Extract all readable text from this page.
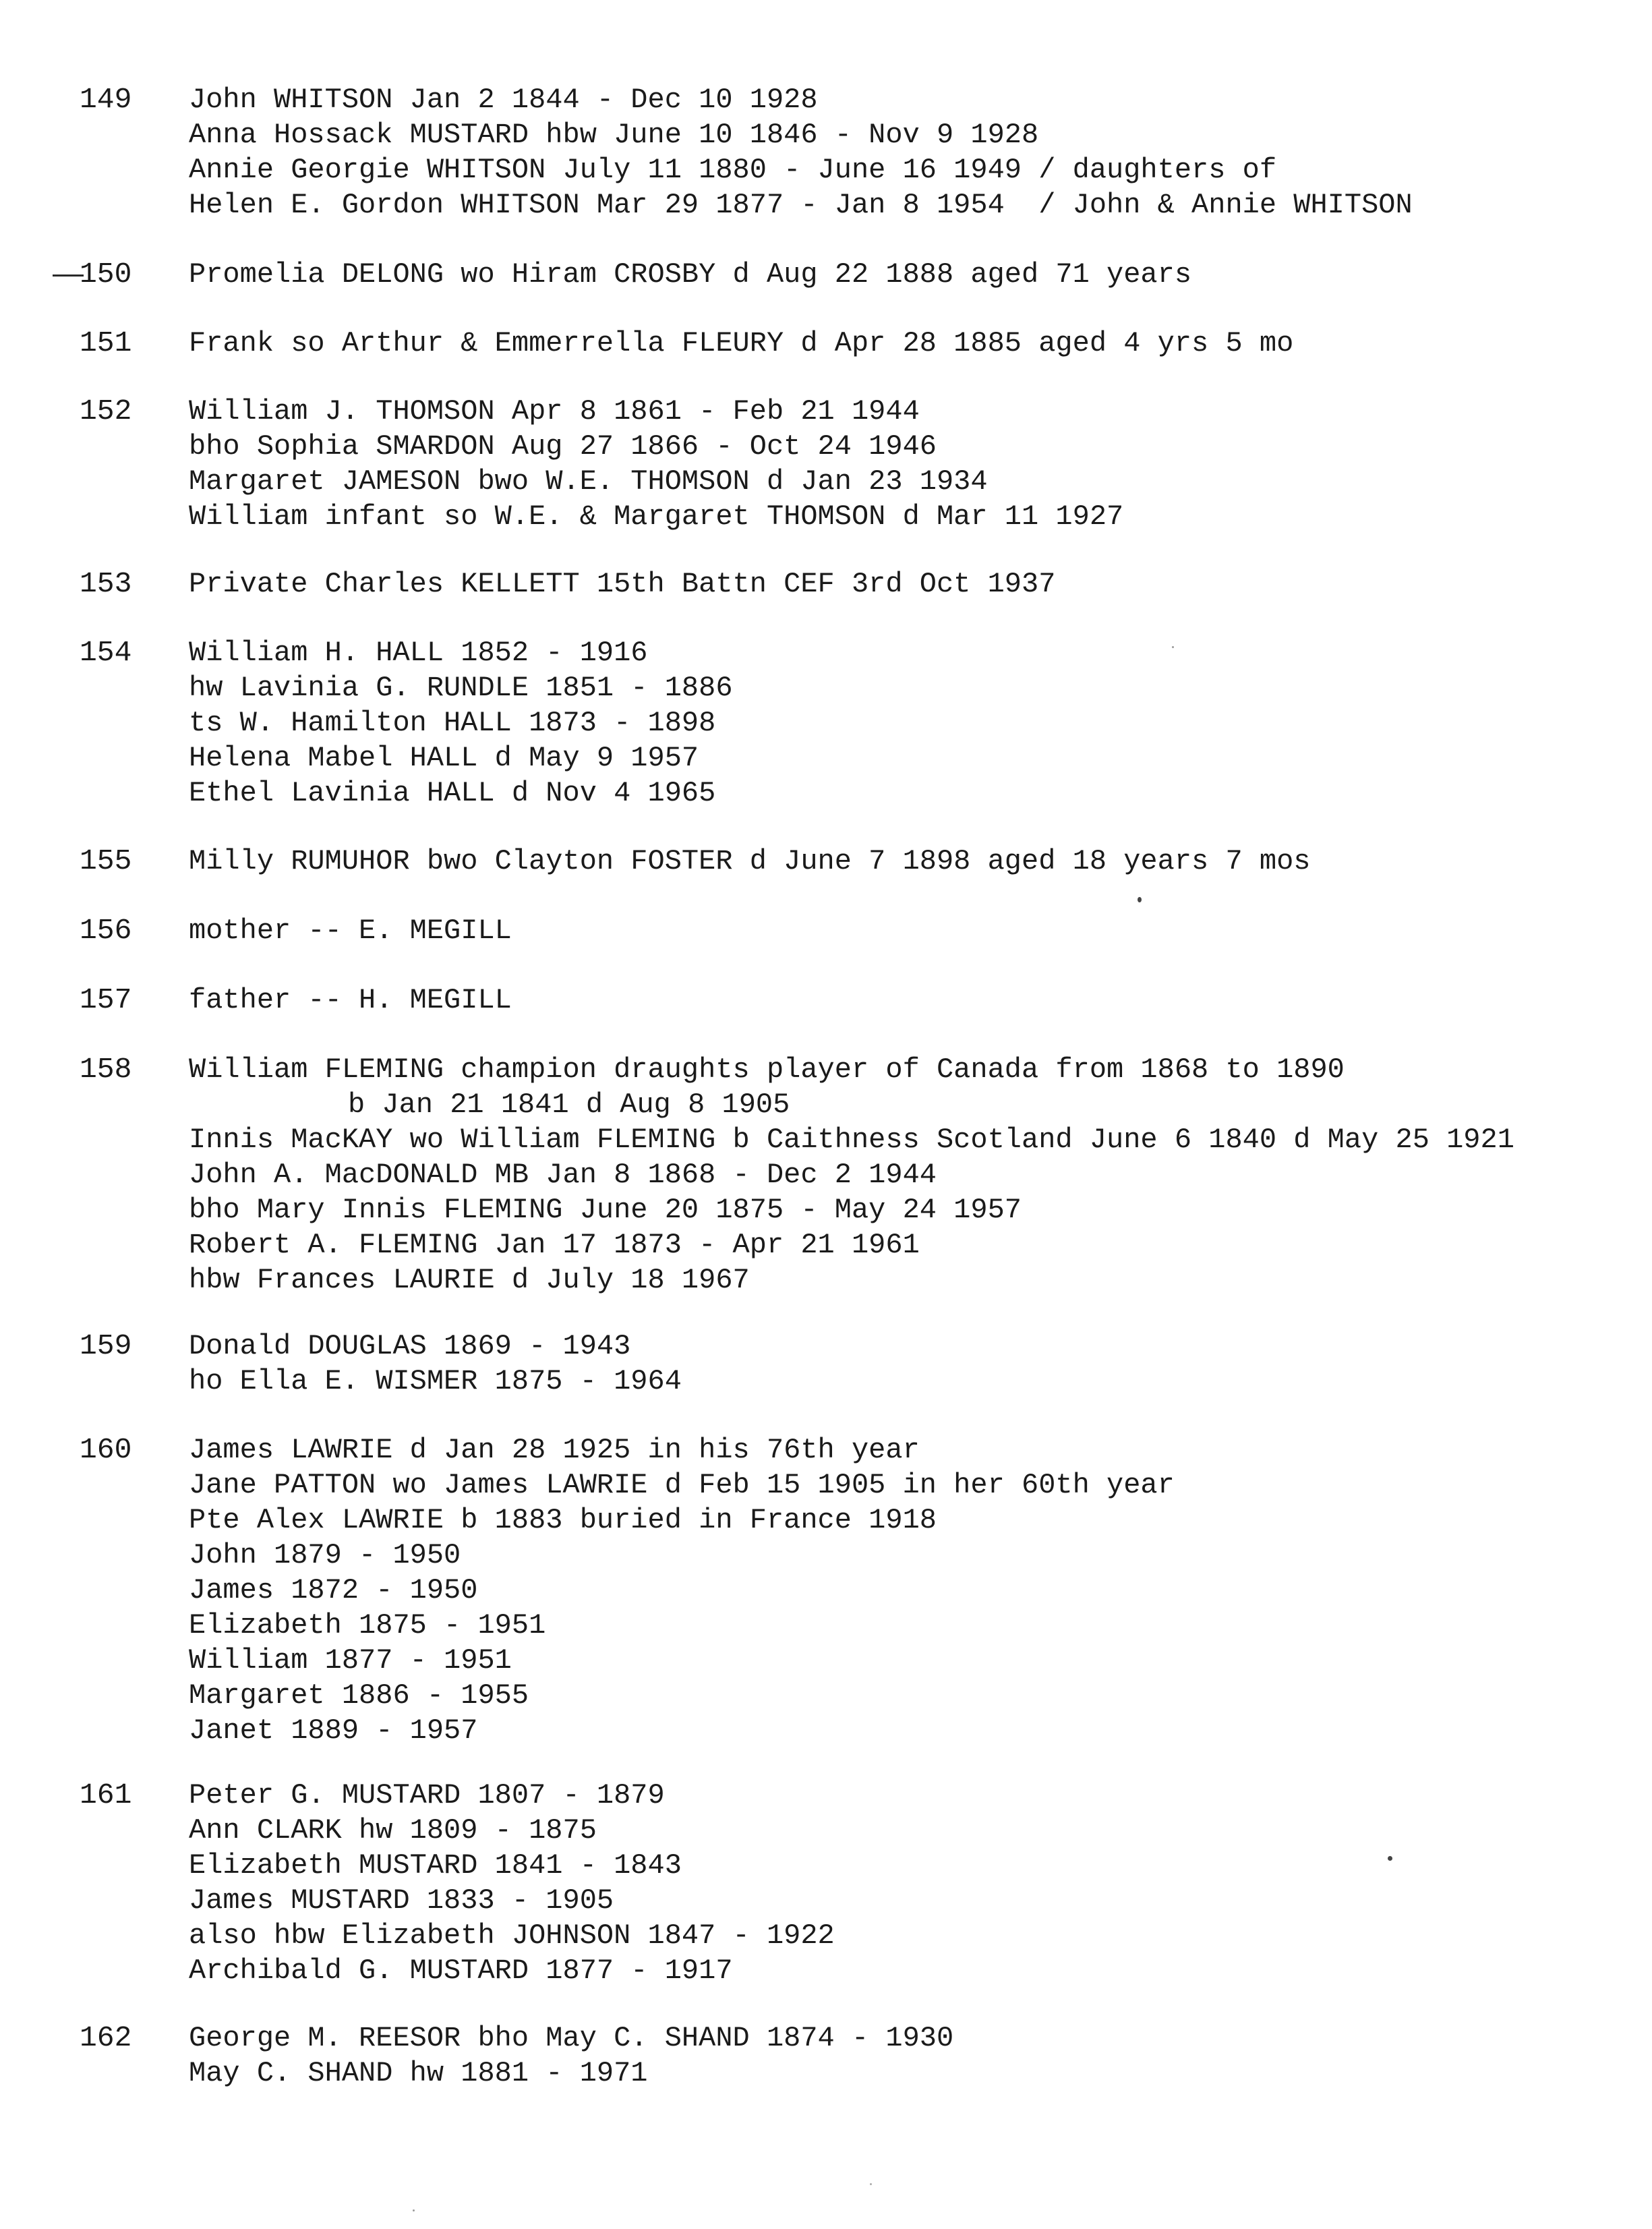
149 John WHITSON Jan 2 1844 - Dec 10 1928
Anna Hossack MUSTARD hbw June 10 1846 - Nov 9 1928
Annie Georgie WHITSON July 11 1880 - June 16 1949 / daughters of
Helen E. Gordon WHITSON Mar 29 1877 - Jan 8 1954  / John & Annie WHITSON
150 Promelia DELONG wo Hiram CROSBY d Aug 22 1888 aged 71 years
151 Frank so Arthur & Emmerrella FLEURY d Apr 28 1885 aged 4 yrs 5 mo
152 William J. THOMSON Apr 8 1861 - Feb 21 1944
bho Sophia SMARDON Aug 27 1866 - Oct 24 1946
Margaret JAMESON bwo W.E. THOMSON d Jan 23 1934
William infant so W.E. & Margaret THOMSON d Mar 11 1927
153 Private Charles KELLETT 15th Battn CEF 3rd Oct 1937
154 William H. HALL 1852 - 1916
hw Lavinia G. RUNDLE 1851 - 1886
ts W. Hamilton HALL 1873 - 1898
Helena Mabel HALL d May 9 1957
Ethel Lavinia HALL d Nov 4 1965
155 Milly RUMUHOR bwo Clayton FOSTER d June 7 1898 aged 18 years 7 mos
156 mother -- E. MEGILL
157 father -- H. MEGILL
158 William FLEMING champion draughts player of Canada from 1868 to 1890
b Jan 21 1841 d Aug 8 1905
Innis MacKAY wo William FLEMING b Caithness Scotland June 6 1840 d May 25 1921
John A. MacDONALD MB Jan 8 1868 - Dec 2 1944
bho Mary Innis FLEMING June 20 1875 - May 24 1957
Robert A. FLEMING Jan 17 1873 - Apr 21 1961
hbw Frances LAURIE d July 18 1967
159 Donald DOUGLAS 1869 - 1943
ho Ella E. WISMER 1875 - 1964
160 James LAWRIE d Jan 28 1925 in his 76th year
Jane PATTON wo James LAWRIE d Feb 15 1905 in her 60th year
Pte Alex LAWRIE b 1883 buried in France 1918
John 1879 - 1950
James 1872 - 1950
Elizabeth 1875 - 1951
William 1877 - 1951
Margaret 1886 - 1955
Janet 1889 - 1957
161 Peter G. MUSTARD 1807 - 1879
Ann CLARK hw 1809 - 1875
Elizabeth MUSTARD 1841 - 1843
James MUSTARD 1833 - 1905
also hbw Elizabeth JOHNSON 1847 - 1922
Archibald G. MUSTARD 1877 - 1917
162 George M. REESOR bho May C. SHAND 1874 - 1930
May C. SHAND hw 1881 - 1971
